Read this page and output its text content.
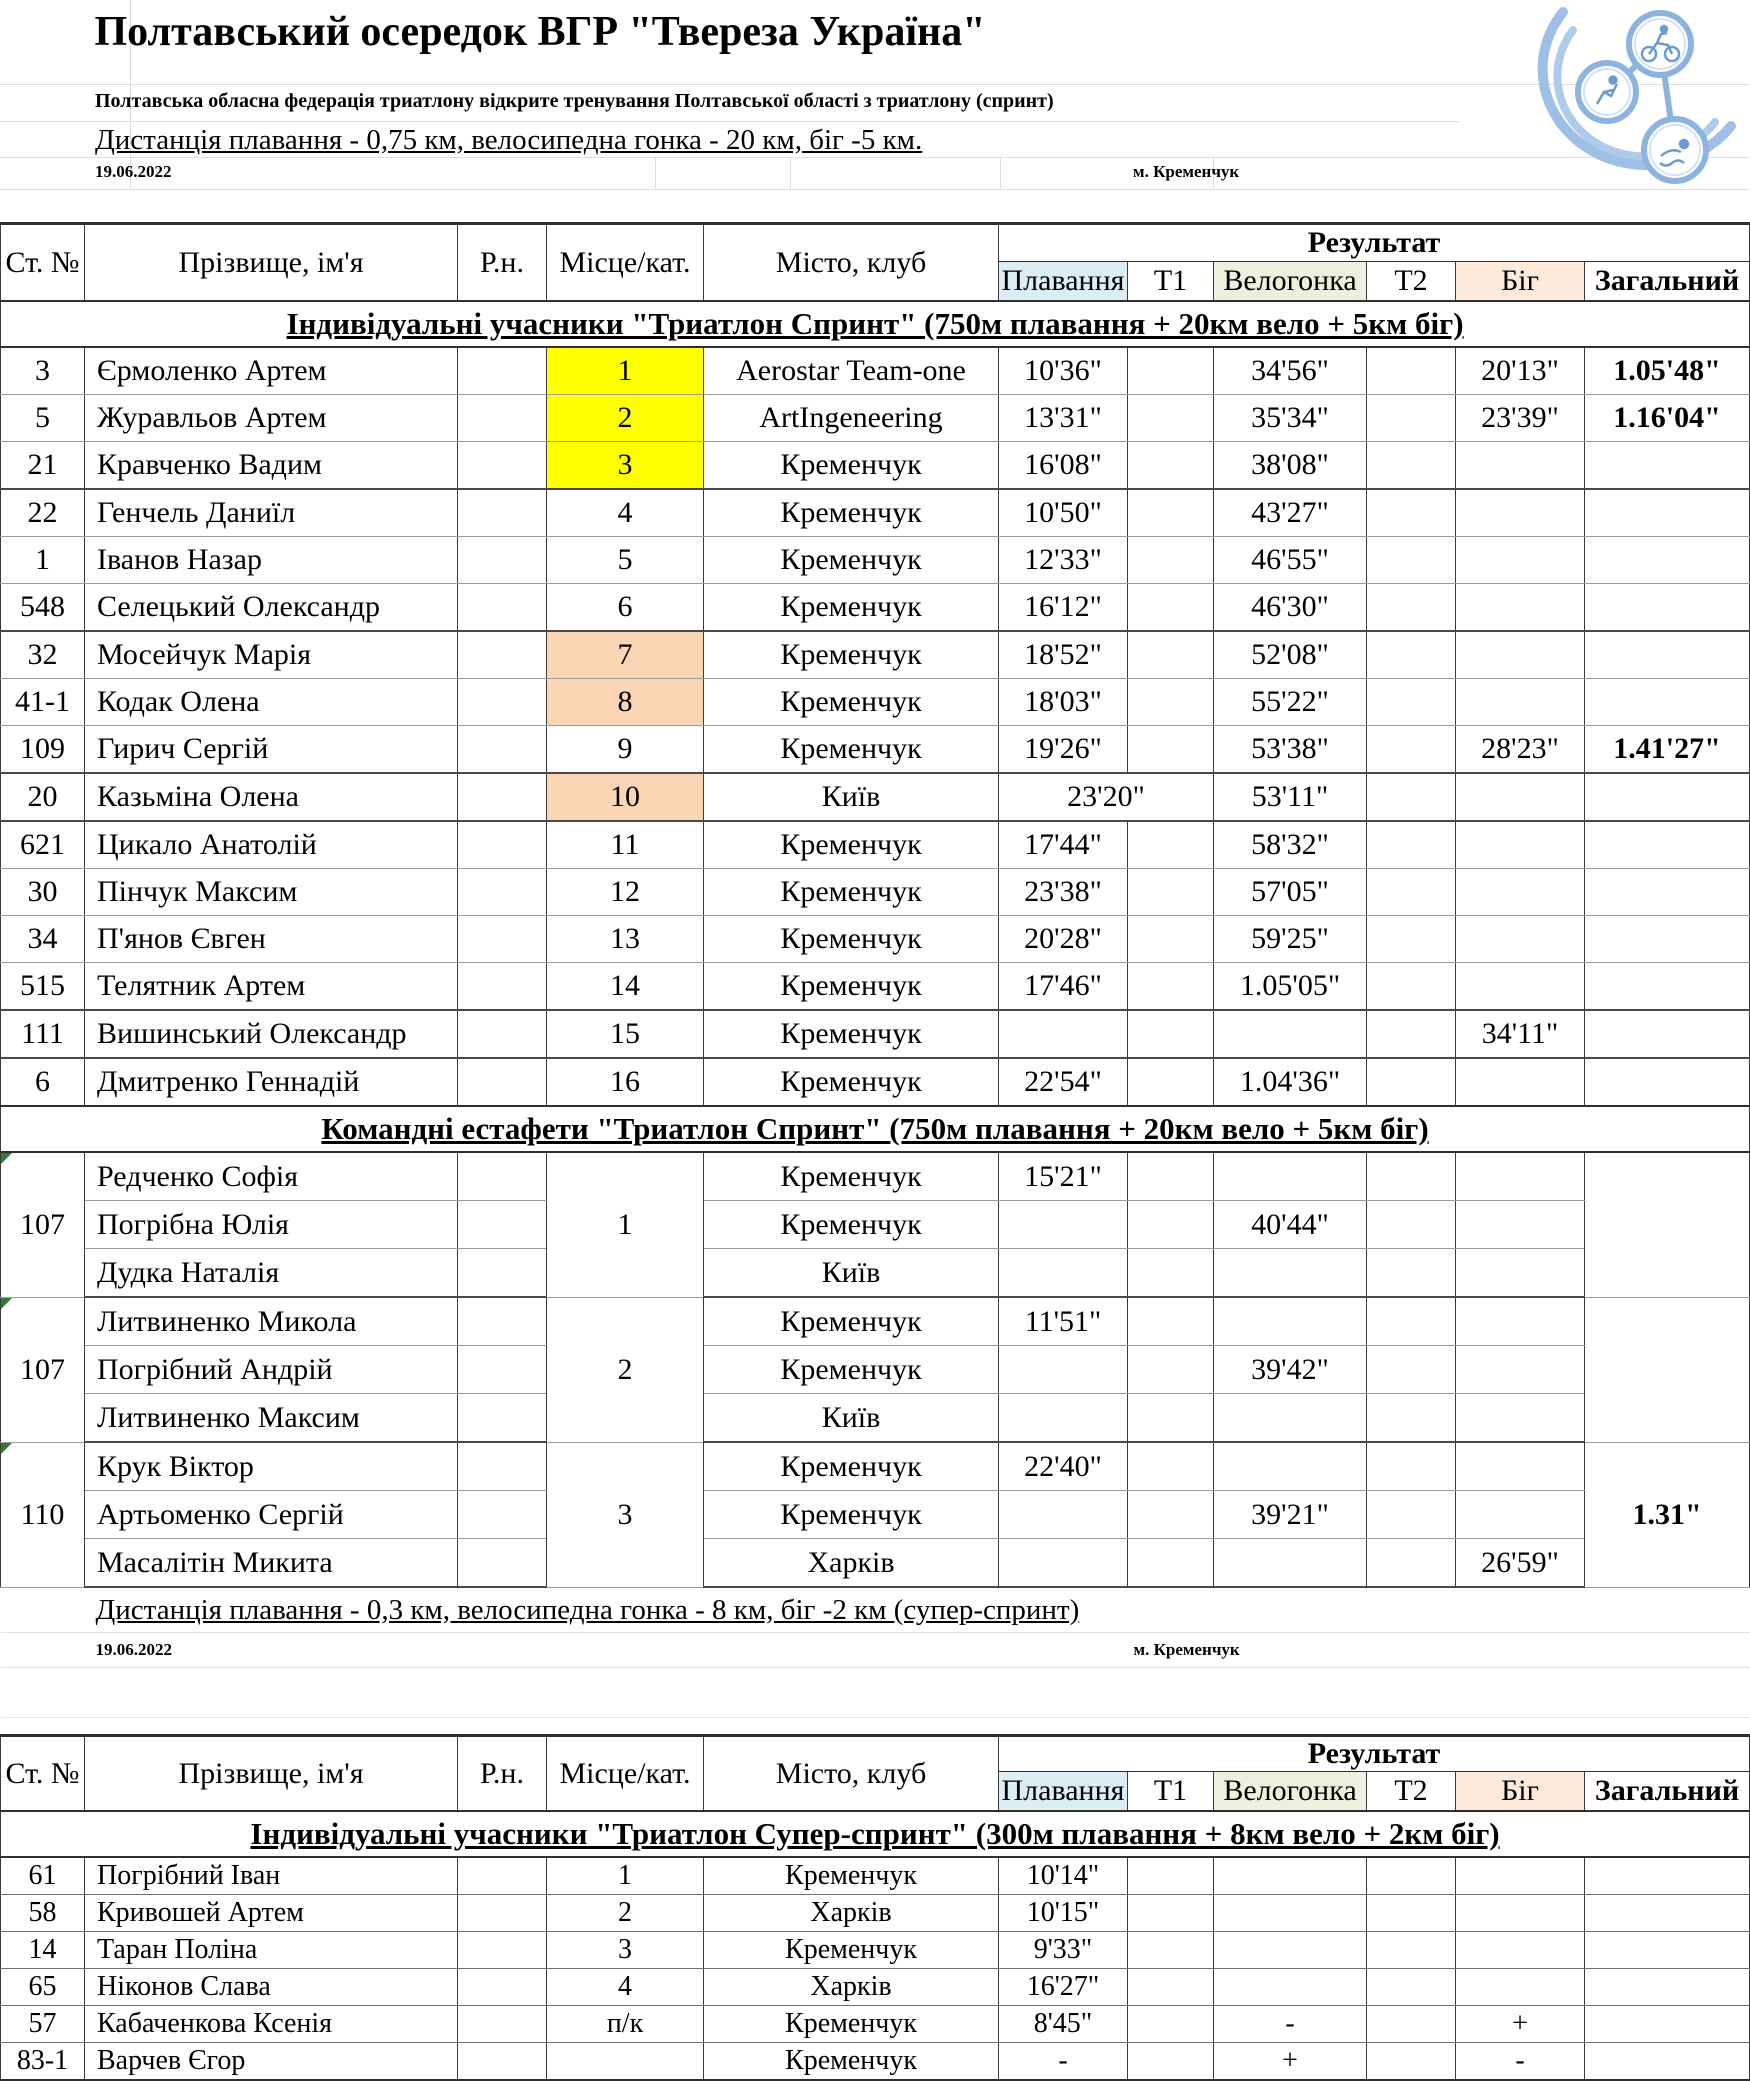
Полтавський осередок ВГР "Твереза Україна"
Полтавська обласна федерація триатлону відкрите тренування Полтавської області з триатлону (спринт)
Дистанція плавання - 0,75 км, велосипедна гонка - 20 км, біг -5 км.
19.06.2022	м. Кременчук
Ст. №	Прізвище, ім'я	Р.н.	Місце/кат.	Місто, клуб	Результат					
					Плавання	Т1	Велогонка	Т2	Біг	Загальний
Індивідуальні учасники "Триатлон Спринт" (750м плавання + 20км вело + 5км біг)										
3	Єрмоленко Артем		1	Aerostar Team-one	10'36"		34'56"		20'13"	1.05'48"
5	Журавльов Артем		2	ArtIngeneering	13'31"		35'34"		23'39"	1.16'04"
21	Кравченко Вадим		3	Кременчук	16'08"		38'08"			
22	Генчель Даниїл		4	Кременчук	10'50"		43'27"			
1	Іванов Назар		5	Кременчук	12'33"		46'55"			
548	Селецький Олександр		6	Кременчук	16'12"		46'30"			
32	Мосейчук Марія		7	Кременчук	18'52"		52'08"			
41-1	Кодак Олена		8	Кременчук	18'03"		55'22"			
109	Гирич Сергій		9	Кременчук	19'26"		53'38"		28'23"	1.41'27"
20	Казьміна Олена		10	Київ	23'20"		53'11"			
621	Цикало Анатолій		11	Кременчук	17'44"		58'32"			
30	Пінчук Максим		12	Кременчук	23'38"		57'05"			
34	П'янов Євген		13	Кременчук	20'28"		59'25"			
515	Телятник Артем		14	Кременчук	17'46"		1.05'05"			
111	Вишинський Олександр		15	Кременчук					34'11"	
6	Дмитренко Геннадій		16	Кременчук	22'54"		1.04'36"			
Командні естафети "Триатлон Спринт" (750м плавання + 20км вело + 5км біг)										
107	Редченко Софія		1	Кременчук	15'21"					
	Погрібна Юлія			Кременчук			40'44"			
	Дудка Наталія			Київ						
107	Литвиненко Микола		2	Кременчук	11'51"					
	Погрібний Андрій			Кременчук			39'42"			
	Литвиненко Максим			Київ						
110	Крук Віктор		3	Кременчук	22'40"					1.31"
	Артьоменко Сергій			Кременчук			39'21"			
	Масалітін Микита			Харків					26'59"	
Дистанція плавання - 0,3 км, велосипедна гонка - 8 км, біг -2 км (супер-спринт)										

19.06.2022 м. Кременчук										

Ст. №	Прізвище, ім'я	Р.н.	Місце/кат.	Місто, клуб	Результат					
					Плавання	Т1	Велогонка	Т2	Біг	Загальний
Індивідуальні учасники "Триатлон Супер-спринт" (300м плавання + 8км вело + 2км біг)										
61	Погрібний Іван		1	Кременчук	10'14"					
58	Кривошей Артем		2	Харків	10'15"					
14	Таран Поліна		3	Кременчук	9'33"					
65	Ніконов Слава		4	Харків	16'27"					
57	Кабаченкова Ксенія		п/к	Кременчук	8'45"		-		+	
83-1	Варчев Єгор			Кременчук	-		+		-	
